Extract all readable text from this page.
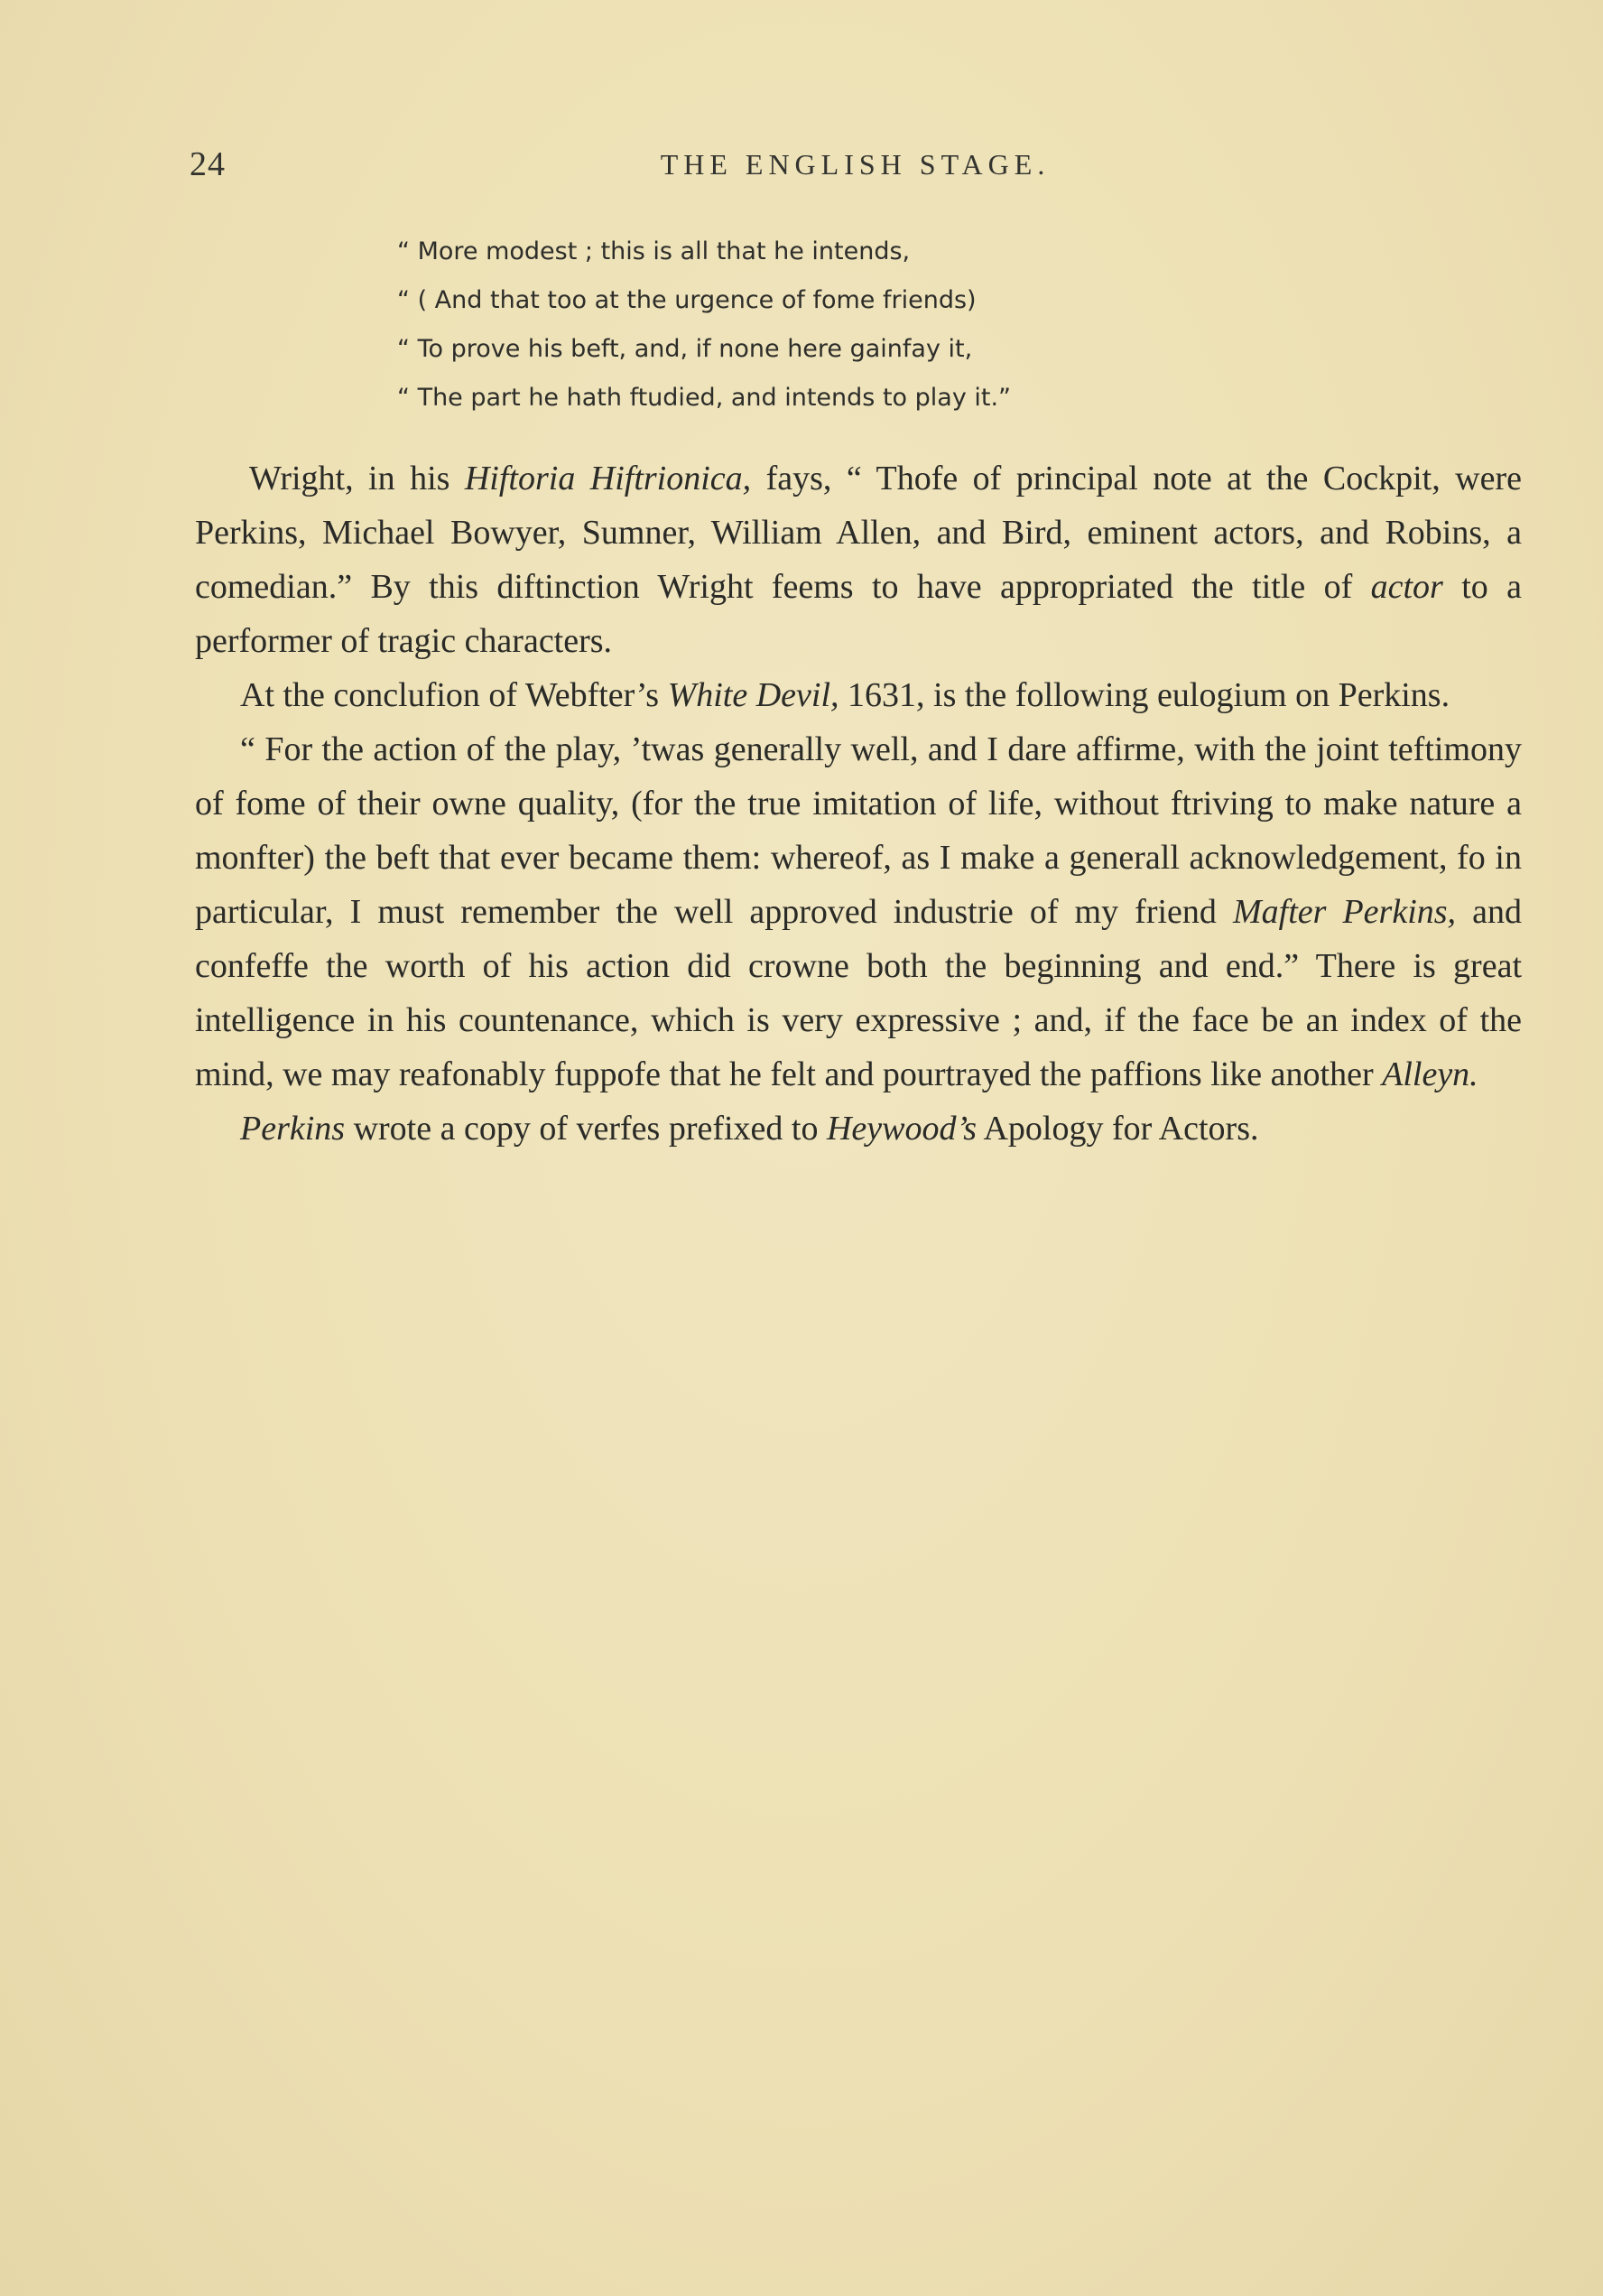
24	THE ENGLISH STAGE.
“ More modest ; this is all that he intends,
“ ( And that too at the urgence of fome friends)
“ To prove his beft, and, if none here gainfay it,
“ The part he hath ftudied, and intends to play it.”

Wright, in his Hiftoria Hiftrionica, fays, “ Thofe of principal note at the Cockpit, were Perkins, Michael Bowyer, Sumner, William Allen, and Bird, eminent actors, and Robins, a comedian.” By this diftinction Wright feems to have appropriated the title of actor to a performer of tragic characters.

At the conclufion of Webfter’s White Devil, 1631, is the following eulogium on Perkins.

“ For the action of the play, ’twas generally well, and I dare affirme, with the joint teftimony of fome of their owne quality, (for the true imitation of life, without ftriving to make nature a monfter) the beft that ever became them: whereof, as I make a generall acknowledgement, fo in particular, I must remember the well approved industrie of my friend Mafter Perkins, and confeffe the worth of his action did crowne both the beginning and end.” There is great intelligence in his countenance, which is very expressive ; and, if the face be an index of the mind, we may reafonably fuppofe that he felt and pourtrayed the paffions like another Alleyn.

Perkins wrote a copy of verfes prefixed to Heywood’s Apology for Actors.
